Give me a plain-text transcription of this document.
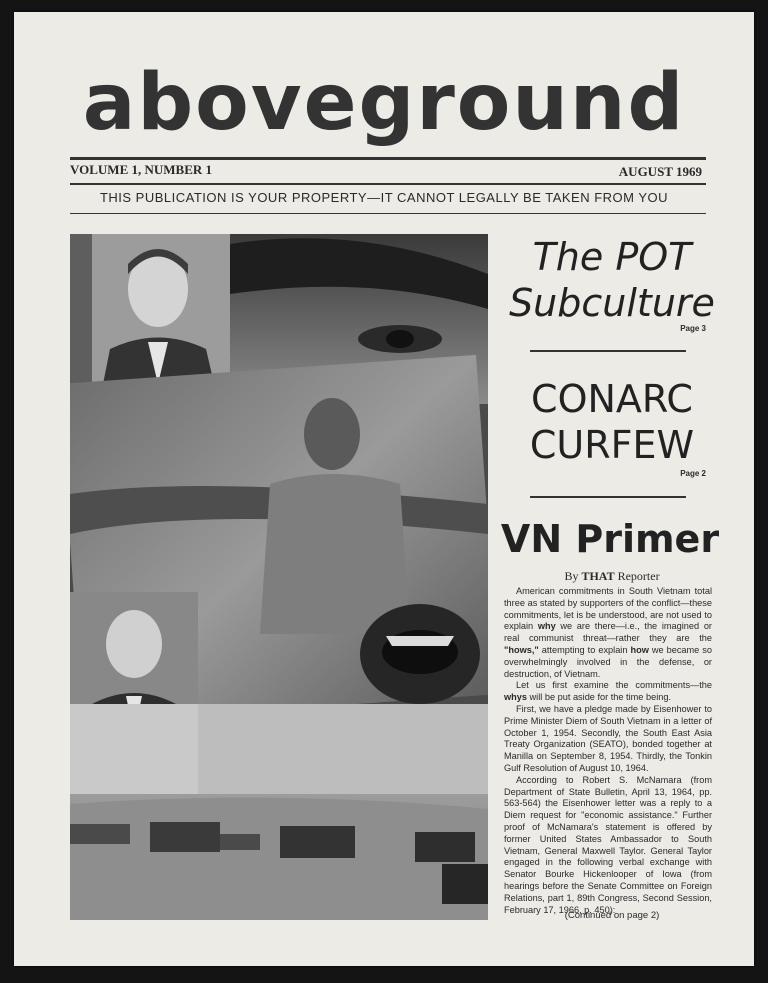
aboveground
VOLUME 1, NUMBER 1	AUGUST 1969
THIS PUBLICATION IS YOUR PROPERTY—IT CANNOT LEGALLY BE TAKEN FROM YOU
The POT
Subculture
Page 3
CONARC
CURFEW
Page 2
VN Primer
By THAT Reporter

American commitments in South Vietnam total three as stated by supporters of the conflict—these commitments, let is be understood, are not used to explain why we are there—i.e., the imagined or real communist threat—rather they are the "hows," attempting to explain how we became so overwhelmingly involved in the defense, or destruction, of Vietnam.

Let us first examine the commitments—the whys will be put aside for the time being.

First, we have a pledge made by Eisenhower to Prime Minister Diem of South Vietnam in a letter of October 1, 1954. Secondly, the South East Asia Treaty Organization (SEATO), bonded together at Manilla on September 8, 1954. Thirdly, the Tonkin Gulf Resolution of August 10, 1964.

According to Robert S. McNamara (from Department of State Bulletin, April 13, 1964, pp. 563-564) the Eisenhower letter was a reply to a Diem request for "economic assistance." Further proof of McNamara's statement is offered by former United States Ambassador to South Vietnam, General Maxwell Taylor. General Taylor engaged in the following verbal exchange with Senator Bourke Hickenlooper of Iowa (from hearings before the Senate Committee on Foreign Relations, part 1, 89th Congress, Second Session, February 17, 1966, p. 450):

(Continued on page 2)
